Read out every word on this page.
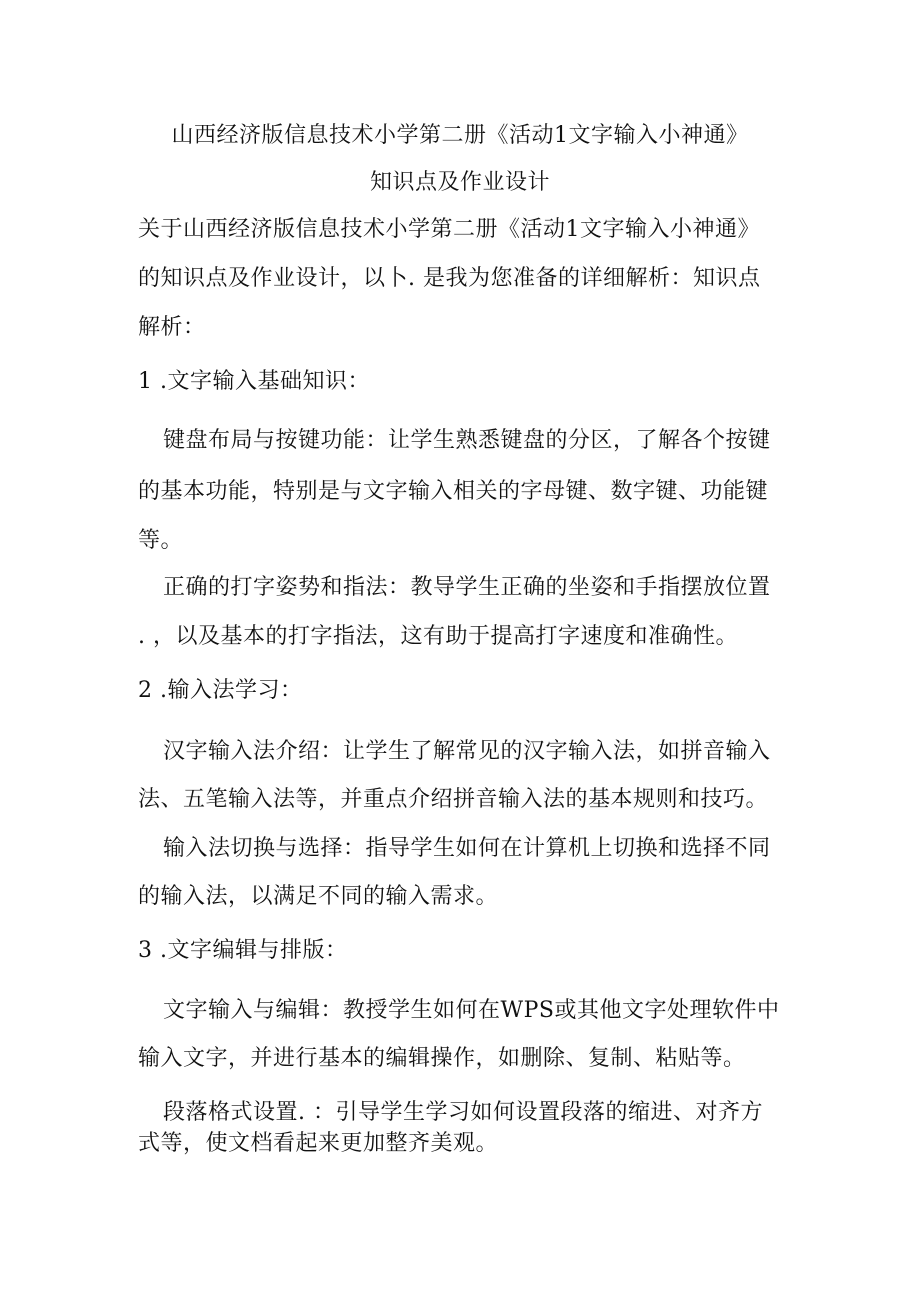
山西经济版信息技术小学第二册《活动1文字输入小神通》
知识点及作业设计
关于山西经济版信息技术小学第二册《活动1文字输入小神通》
的知识点及作业设计，以卜. 是我为您准备的详细解析：知识点
解析：
1 .文字输入基础知识：
键盘布局与按键功能：让学生熟悉键盘的分区，了解各个按键
的基本功能，特别是与文字输入相关的字母键、数字键、功能键
等。
正确的打字姿势和指法：教导学生正确的坐姿和手指摆放位置
. ，以及基本的打字指法，这有助于提高打字速度和准确性。
2 .输入法学习：
汉字输入法介绍：让学生了解常见的汉字输入法，如拼音输入
法、五笔输入法等，并重点介绍拼音输入法的基本规则和技巧。
输入法切换与选择：指导学生如何在计算机上切换和选择不同
的输入法，以满足不同的输入需求。
3 .文字编辑与排版：
文字输入与编辑：教授学生如何在WPS或其他文字处理软件中
输入文字，并进行基本的编辑操作，如删除、复制、粘贴等。
段落格式设置. ：引导学生学习如何设置段落的缩进、对齐方
式等，使文档看起来更加整齐美观。
